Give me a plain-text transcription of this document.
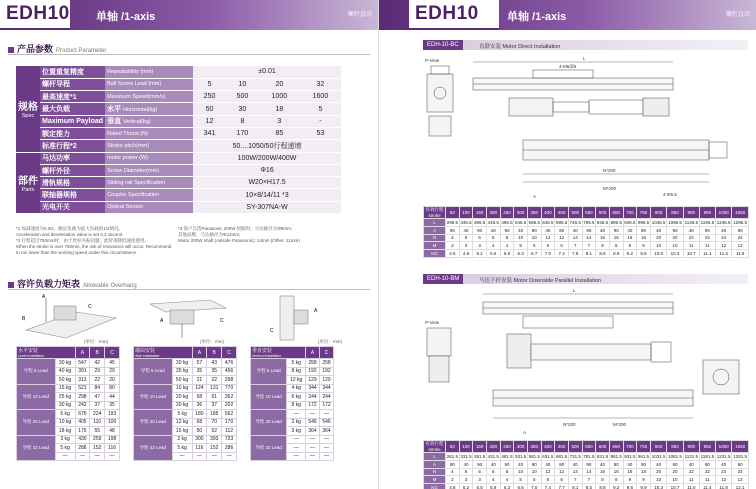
EDH10 单轴 /1-axis	螺杆直动
产品参数 Product Parameter
规格
Spec	位置重复精度	Repeatability (mm)	±0.01			
	螺杆导程	Ball Screw Lead (mm)	5	10	20	32
	最高速度*1	Maximum Speed(mm/s)	250	500	1000	1600
	最大负载	水平 Horizontal(kg)	50	30	18	5
	Maximum Payload	垂直 Vertical(kg)	12	8	3	-
	额定推力	Rated Thrust (N)	341	170	85	53
	标准行程*2	Stroke pitch(mm)	50....1050/50行程递增			

部件
Parts	马达功率	motor power (W)	100W/200W/400W			
	螺杆外径	Screw Diameter(mm)	Φ16			
	滑轨规格	Sliding rail Specification	W20×H17.5			
	联轴器规格	Coupler Specification	10×8/14/11 *3			
	光电开关	Optical Sensor	SY-307NA-W			
*1 加减速度为0.3G，额定负载为最大负载的1/2情况。
Acceleration and deceleration value is set 0.3 second
*2 行程超过750mm时，由于丝杆共振问题，此时请降低速度使用。
When the stroke is over 750mm, the risk of resonance will occur. Recommend to run lower than the working speed under this circumstance.
*3 客户自选Panasonic 200W 伺服时，马达轴径为Φ8mm;
其他品牌，马达轴径为Φ14mm;
Motor 200W shaft (outside Panasonic): 14mm (Other: 11mm)
容许负载力矩表 Allowable Overhang
A
B
C
A	C
A
C
(单位：mm)	(单位：mm)	(单位：mm)
水平安装
Level Installation		A	B	C
导程 5 Lead	30 kg	547	42	45
	40 kg	391	29	29
	50 kg	313	22	20
导程 10 Lead	15 kg	521	84	80
	25 kg	298	47	44
	30 kg	242	37	35
导程 20 Lead	5 kg	675	224	193
	10 kg	405	110	100
	18 kg	175	55	48
导程 32 Lead	3 kg	430	259	198
	5 kg	288	152	116
	—	—	—	—
墙面安装
Wall Installation		A	B	C
导程 5 Lead	30 kg	57	43	476
	35 kg	35	35	456
	50 kg	21	22	298
导程 10 Lead	10 kg	124	131	770
	20 kg	58	61	362
	30 kg	36	37	202
导程 20 Lead	5 kg	180	185	562
	12 kg	68	70	170
	15 kg	50	52	112
导程 32 Lead	2 kg	300	393	723
	5 kg	116	152	286
	—	—	—	—
垂直安装
Vertical Installation		A	C
导程 5 Lead	5 kg	258	258
	8 kg	192	192
	12 kg	129	129
导程 10 Lead	4 kg	344	344
	6 kg	244	244
	8 kg	172	172
导程 20 Lead	—	—	—
	2 kg	546	546
	3 kg	364	364
导程 32 Lead	—	—	—
	—	—	—
	—	—	—
EDH10	单轴 /1-axis	螺杆直动
EDH-10-BC	直联安装 Motor Direct Installation
P-View	L
4-M5深6
N*200
M*200
4-Φ5.5
A
有效行程 stroke	50	100	150	200	250	300	350	400	450	500	550	600	650	700	750	800	850	900	950	1000	1050
L	296.5	346.5	396.5	446.5	496.5	546.5	596.5	646.5	696.5	746.5	796.5	846.5	896.5	946.5	996.5	1046.5	1096.5	1146.5	1196.5	1246.5	1296.5
A	90	40	90	40	90	40	90	40	90	40	90	40	90	40	90	40	90	40	90	40	90
N	4	6	6	8	8	10	10	12	12	14	14	16	16	18	18	20	20	22	22	24	24
M	2	3	3	4	4	5	5	6	6	7	7	8	8	9	9	10	10	11	11	12	12
KG	4.5	4.8	5.2	5.6	5.9	6.3	6.7	7.0	7.4	7.8	8.1	8.5	8.9	9.2	9.6	10.0	10.3	10.7	11.1	11.4	11.8
EDH-10-BM	马达下折安装 Motor Downside Parallel Installation
P-View
L
N*200	M*200
A
有效行程 stroke	50	100	150	200	250	300	350	400	450	500	550	600	650	700	750	800	850	900	950	1000	1050
L	281.5	331.5	381.5	431.5	481.5	531.5	581.5	631.5	681.5	731.5	781.5	831.5	881.5	931.5	981.5	1031.5	1081.5	1131.5	1181.5	1231.5	1281.5
A	90	40	90	40	90	40	90	40	90	40	90	40	90	40	90	40	90	40	90	40	90
N	4	6	6	8	8	10	10	12	12	14	14	16	16	18	18	20	20	22	22	24	24
M	2	3	3	4	4	5	5	6	6	7	7	8	8	9	9	10	10	11	11	12	12
KG	4.8	5.2	5.5	5.9	6.3	6.6	7.0	7.4	7.7	8.1	8.5	8.8	9.2	9.6	9.9	10.3	10.7	11.0	11.4	11.8	12.1
